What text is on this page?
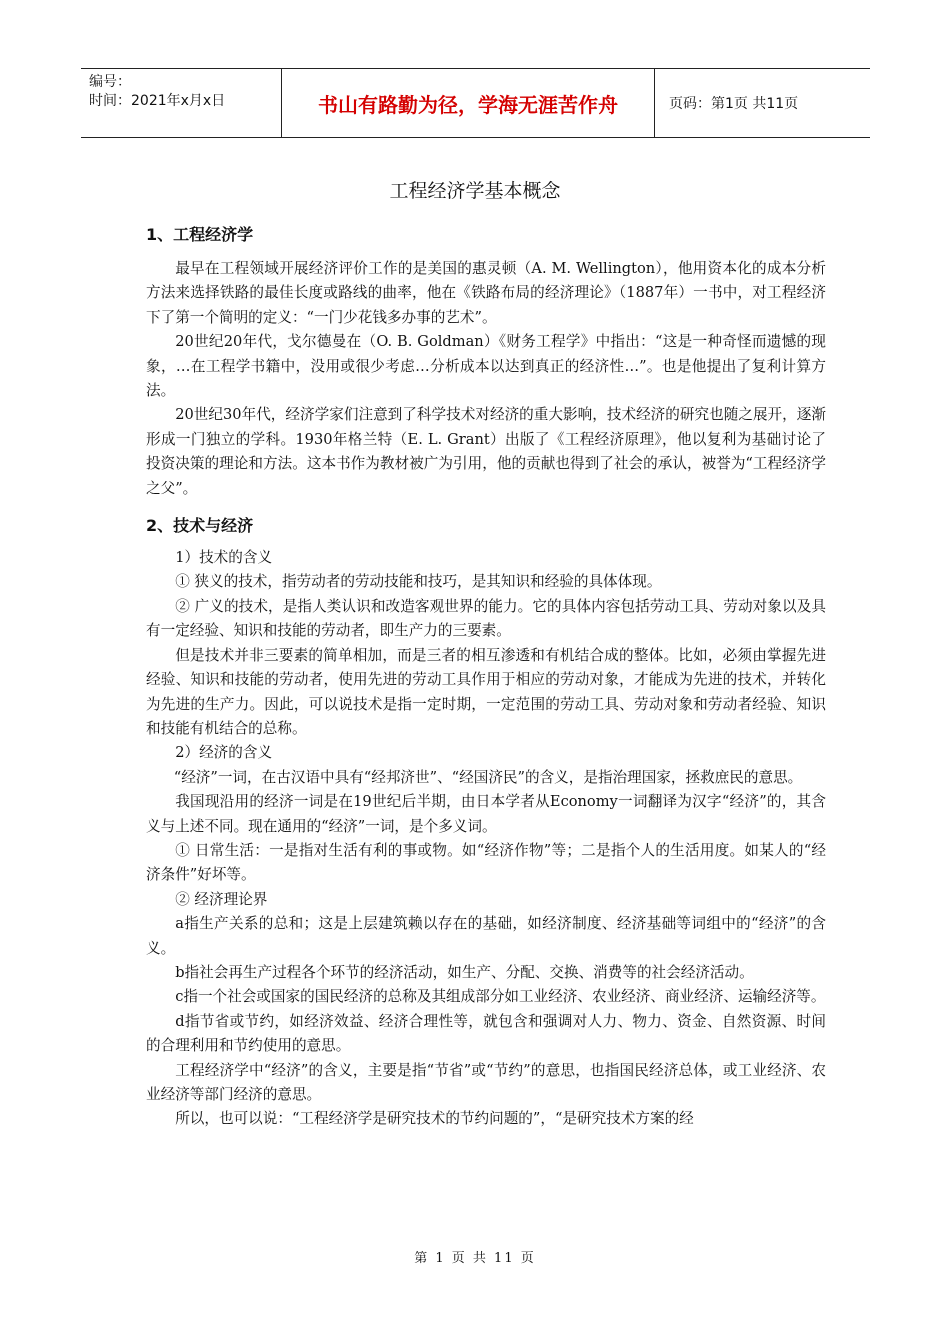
编号：
时间：2021年x月x日	书山有路勤为径，学海无涯苦作舟	页码：第1页 共11页
工程经济学基本概念
1、工程经济学

最早在工程领域开展经济评价工作的是美国的惠灵顿（A. M. Wellington），他用资本化的成本分析方法来选择铁路的最佳长度或路线的曲率，他在《铁路布局的经济理论》（1887年）一书中，对工程经济下了第一个简明的定义：“一门少花钱多办事的艺术”。

20世纪20年代，戈尔德曼在（O. B. Goldman）《财务工程学》中指出：“这是一种奇怪而遗憾的现象，…在工程学书籍中，没用或很少考虑…分析成本以达到真正的经济性…”。也是他提出了复利计算方法。

20世纪30年代，经济学家们注意到了科学技术对经济的重大影响，技术经济的研究也随之展开，逐渐形成一门独立的学科。1930年格兰特（E. L. Grant）出版了《工程经济原理》，他以复利为基础讨论了投资决策的理论和方法。这本书作为教材被广为引用，他的贡献也得到了社会的承认，被誉为“工程经济学之父”。

2、技术与经济

1）技术的含义

① 狭义的技术，指劳动者的劳动技能和技巧，是其知识和经验的具体体现。

② 广义的技术，是指人类认识和改造客观世界的能力。它的具体内容包括劳动工具、劳动对象以及具有一定经验、知识和技能的劳动者，即生产力的三要素。

但是技术并非三要素的简单相加，而是三者的相互渗透和有机结合成的整体。比如，必须由掌握先进经验、知识和技能的劳动者，使用先进的劳动工具作用于相应的劳动对象，才能成为先进的技术，并转化为先进的生产力。因此，可以说技术是指一定时期，一定范围的劳动工具、劳动对象和劳动者经验、知识和技能有机结合的总称。

2）经济的含义

“经济”一词，在古汉语中具有“经邦济世”、“经国济民”的含义，是指治理国家，拯救庶民的意思。

我国现沿用的经济一词是在19世纪后半期，由日本学者从Economy一词翻译为汉字“经济”的，其含义与上述不同。现在通用的“经济”一词，是个多义词。

① 日常生活：一是指对生活有利的事或物。如“经济作物”等；二是指个人的生活用度。如某人的“经济条件”好坏等。

② 经济理论界

a指生产关系的总和；这是上层建筑赖以存在的基础，如经济制度、经济基础等词组中的“经济”的含义。

b指社会再生产过程各个环节的经济活动，如生产、分配、交换、消费等的社会经济活动。

c指一个社会或国家的国民经济的总称及其组成部分如工业经济、农业经济、商业经济、运输经济等。

d指节省或节约，如经济效益、经济合理性等，就包含和强调对人力、物力、资金、自然资源、时间的合理利用和节约使用的意思。

工程经济学中“经济”的含义，主要是指“节省”或“节约”的意思，也指国民经济总体，或工业经济、农业经济等部门经济的意思。

所以，也可以说：“工程经济学是研究技术的节约问题的”，“是研究技术方案的经

第 1 页 共 11 页
